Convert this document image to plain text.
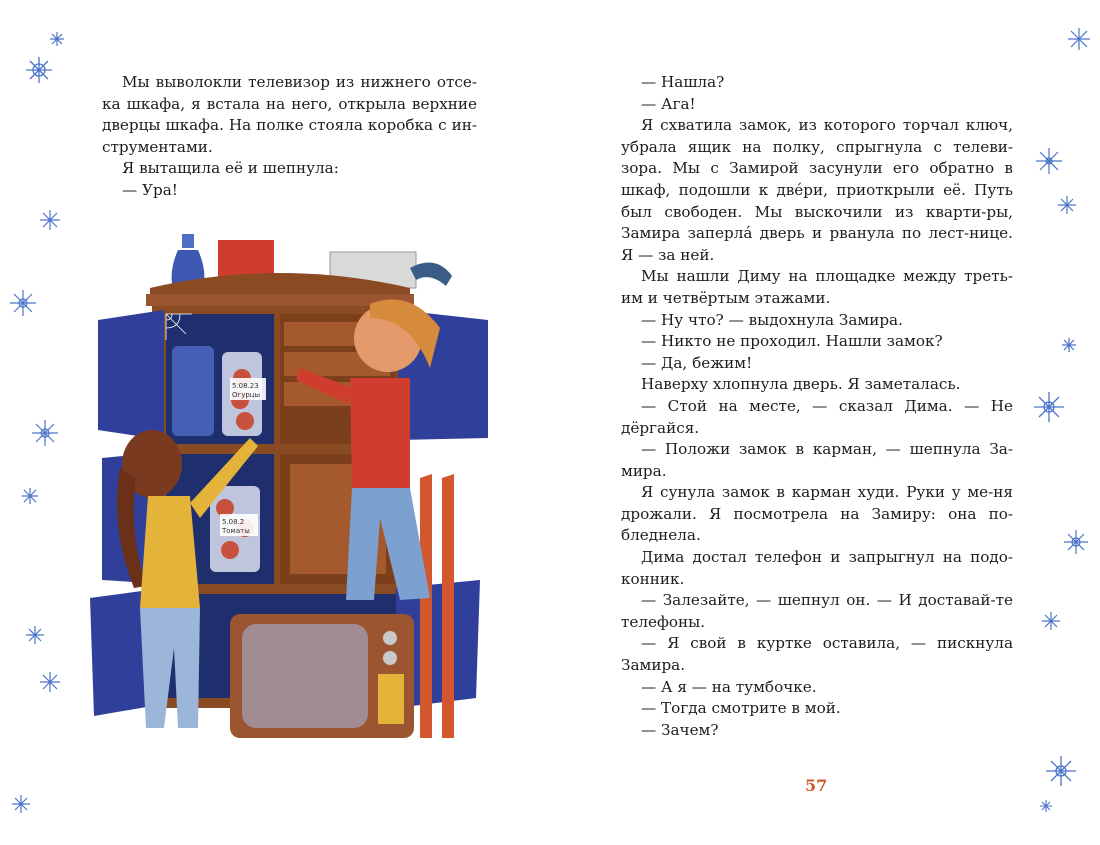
Мы выволокли телевизор из нижнего отсе-ка шкафа, я встала на него, открыла верхние дверцы шкафа. На полке стояла коробка с ин-струментами.

Я вытащила её и шепнула:

— Ура!

5.08.23
Огурцы
5.08.2
Томаты

— Нашла?

— Ага!

Я схватила замок, из которого торчал ключ, убрала ящик на полку, спрыгнула с телеви-зора. Мы с Замирой засунули его обратно в шкаф, подошли к двéри, приоткрыли её. Путь был свободен. Мы выскочили из кварти-ры, Замира заперлá дверь и рванула по лест-нице. Я — за ней.

Мы нашли Диму на площадке между треть-им и четвёртым этажами.

— Ну что? — выдохнула Замира.

— Никто не проходил. Нашли замок?

— Да, бежим!

Наверху хлопнула дверь. Я заметалась.

— Стой на месте, — сказал Дима. — Не дёргайся.

— Положи замок в карман, — шепнула За-мира.

Я сунула замок в карман худи. Руки у ме-ня дрожали. Я посмотрела на Замиру: она по-бледнела.

Дима достал телефон и запрыгнул на подо-конник.

— Залезайте, — шепнул он. — И доставай-те телефоны.

— Я свой в куртке оставила, — пискнула Замира.

— А я — на тумбочке.

— Тогда смотрите в мой.

— Зачем?

57
